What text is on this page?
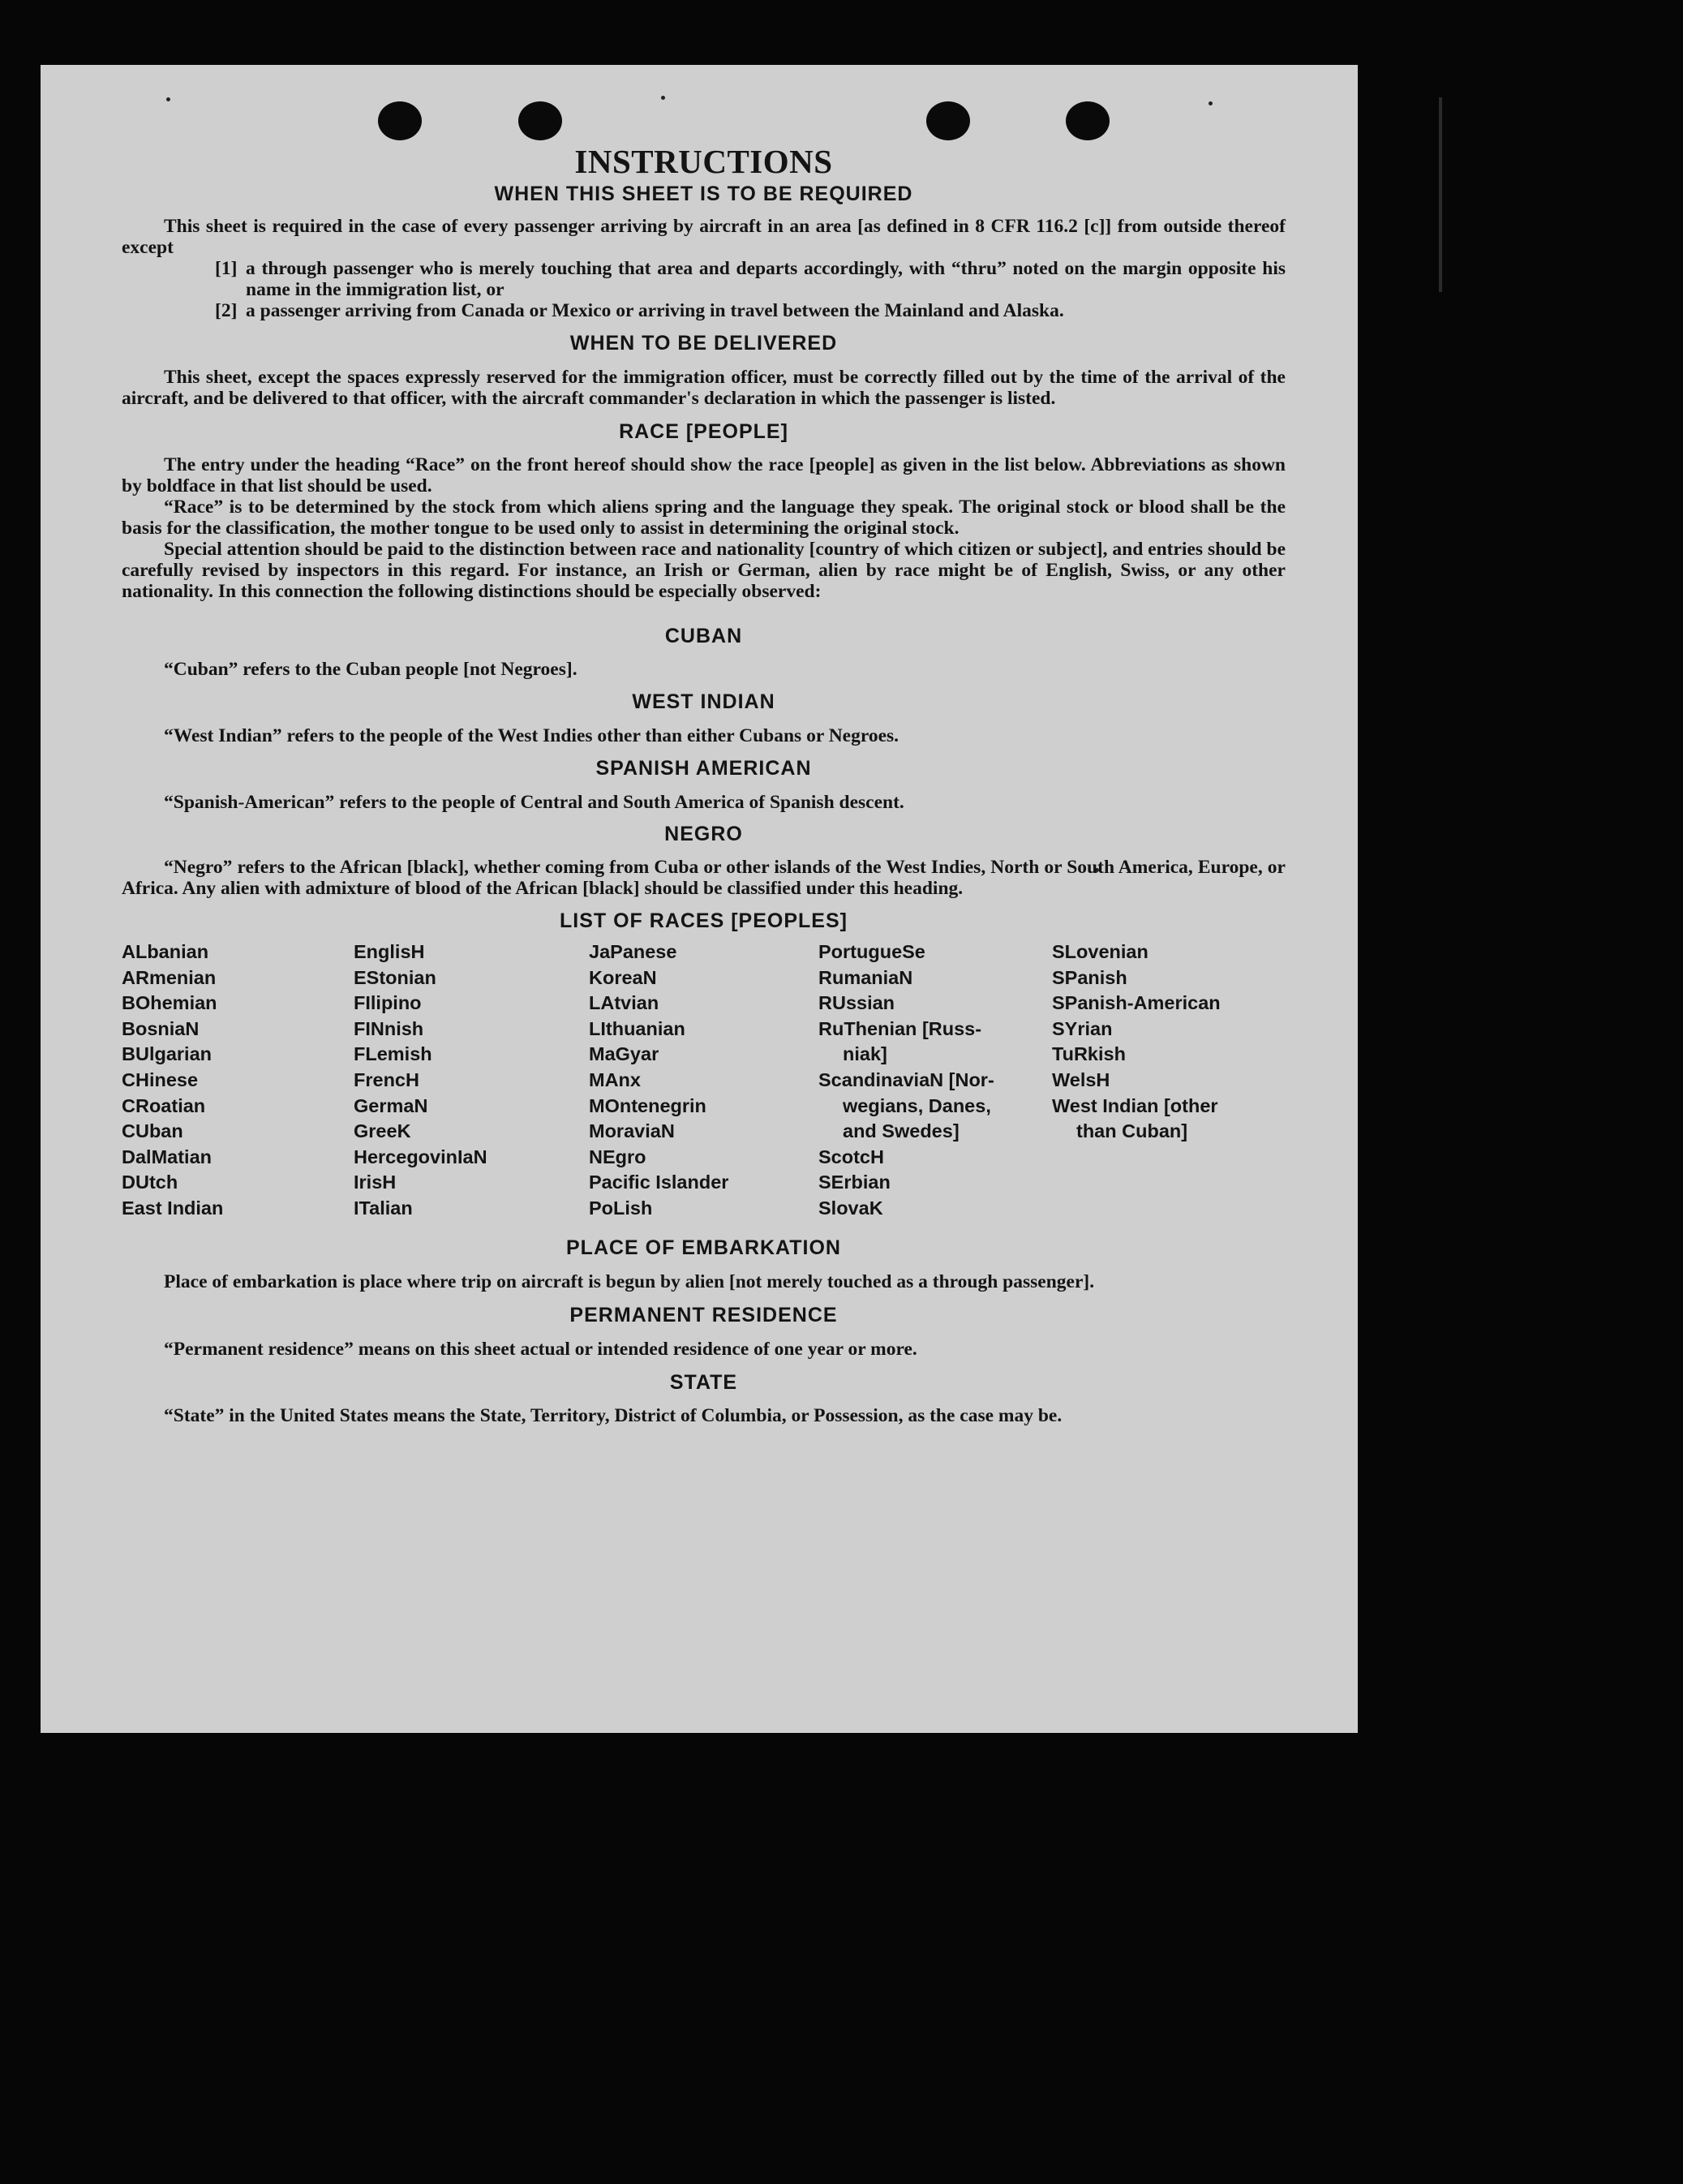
INSTRUCTIONS
WHEN THIS SHEET IS TO BE REQUIRED

This sheet is required in the case of every passenger arriving by aircraft in an area [as defined in 8 CFR 116.2 [c]] from outside thereof except

[1] a through passenger who is merely touching that area and departs accordingly, with “thru” noted on the margin opposite his name in the immigration list, or
[2] a passenger arriving from Canada or Mexico or arriving in travel between the Mainland and Alaska.
WHEN TO BE DELIVERED

This sheet, except the spaces expressly reserved for the immigration officer, must be correctly filled out by the time of the arrival of the aircraft, and be delivered to that officer, with the aircraft commander's declaration in which the passenger is listed.

RACE [PEOPLE]

The entry under the heading “Race” on the front hereof should show the race [people] as given in the list below. Abbreviations as shown by boldface in that list should be used.

“Race” is to be determined by the stock from which aliens spring and the language they speak. The original stock or blood shall be the basis for the classification, the mother tongue to be used only to assist in determining the original stock.

Special attention should be paid to the distinction between race and nationality [country of which citizen or subject], and entries should be carefully revised by inspectors in this regard. For instance, an Irish or German, alien by race might be of English, Swiss, or any other nationality. In this connection the following distinctions should be especially observed:

CUBAN

“Cuban” refers to the Cuban people [not Negroes].

WEST INDIAN

“West Indian” refers to the people of the West Indies other than either Cubans or Negroes.

SPANISH AMERICAN

“Spanish-American” refers to the people of Central and South America of Spanish descent.

NEGRO

“Negro” refers to the African [black], whether coming from Cuba or other islands of the West Indies, North or South America, Europe, or Africa. Any alien with admixture of blood of the African [black] should be classified under this heading.

LIST OF RACES [PEOPLES]
ALbanian
ARmenian
BOhemian
BosniaN
BUlgarian
CHinese
CRoatian
CUban
DalMatian
DUtch
East Indian
EnglisH
EStonian
FIlipino
FINnish
FLemish
FrencH
GermaN
GreeK
HercegovinIaN
IrisH
ITalian
JaPanese
KoreaN
LAtvian
LIthuanian
MaGyar
MAnx
MOntenegrin
MoraviaN
NEgro
Pacific Islander
PoLish
PortugueSe
RumaniaN
RUssian
RuThenian [Russ-
niak]
ScandinaviaN [Nor-
wegians, Danes,
and Swedes]
ScotcH
SErbian
SlovaK
SLovenian
SPanish
SPanish-American
SYrian
TuRkish
WelsH
West Indian [other
than Cuban]
PLACE OF EMBARKATION

Place of embarkation is place where trip on aircraft is begun by alien [not merely touched as a through passenger].

PERMANENT RESIDENCE

“Permanent residence” means on this sheet actual or intended residence of one year or more.

STATE

“State” in the United States means the State, Territory, District of Columbia, or Possession, as the case may be.
